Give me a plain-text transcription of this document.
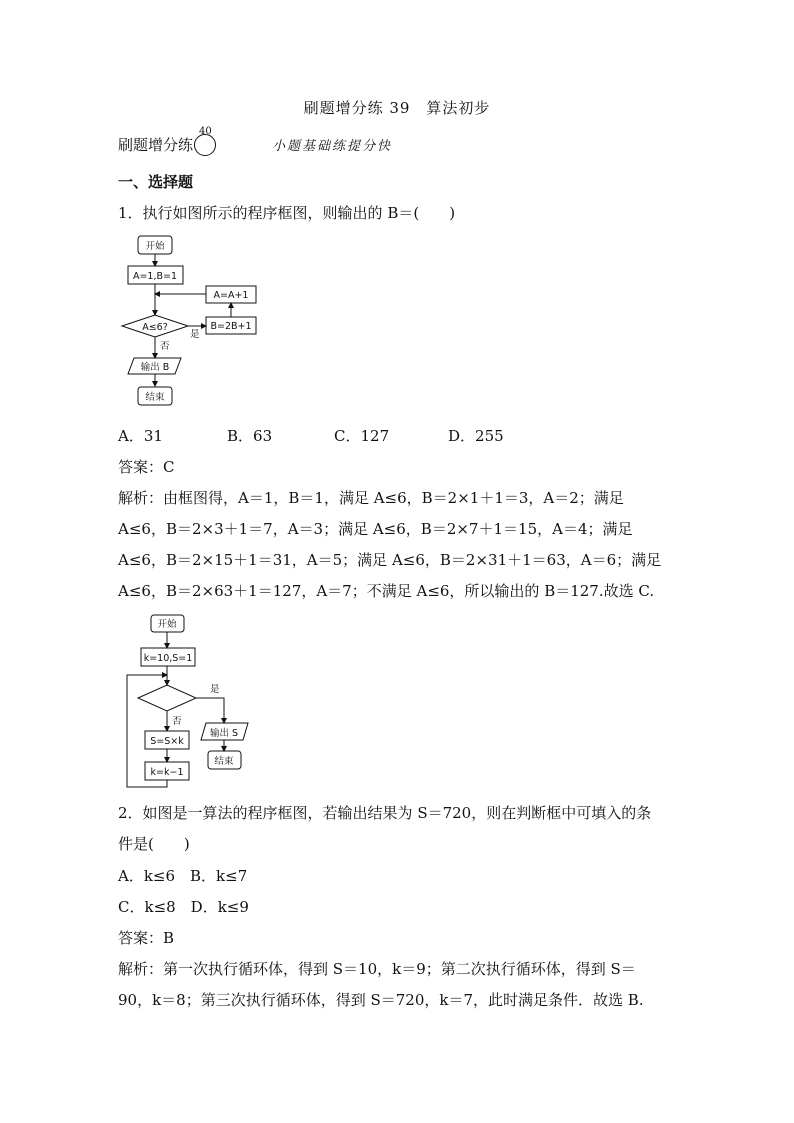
刷题增分练 39　算法初步
刷题增分练
40
小题基础练提分快
一、选择题
1．执行如图所示的程序框图，则输出的 B＝(　　)
开始
A=1,B=1
A=A+1
A≤6?	B=2B+1
是
否
输出 B
结束
A．31	B．63	C．127	D．255
答案：C
解析：由框图得，A＝1，B＝1，满足 A≤6，B＝2×1＋1＝3，A＝2；满足
A≤6，B＝2×3＋1＝7，A＝3；满足 A≤6，B＝2×7＋1＝15，A＝4；满足
A≤6，B＝2×15＋1＝31，A＝5；满足 A≤6，B＝2×31＋1＝63，A＝6；满足
A≤6，B＝2×63＋1＝127，A＝7；不满足 A≤6，所以输出的 B＝127.故选 C.
开始
k=10,S=1
是
否
S=S×k
k=k−1
输出 S
结束
2．如图是一算法的程序框图，若输出结果为 S＝720，则在判断框中可填入的条
件是(　　)
A．k≤6　B．k≤7
C．k≤8　D．k≤9
答案：B
解析：第一次执行循环体，得到 S＝10，k＝9；第二次执行循环体，得到 S＝
90，k＝8；第三次执行循环体，得到 S＝720，k＝7，此时满足条件．故选 B.
